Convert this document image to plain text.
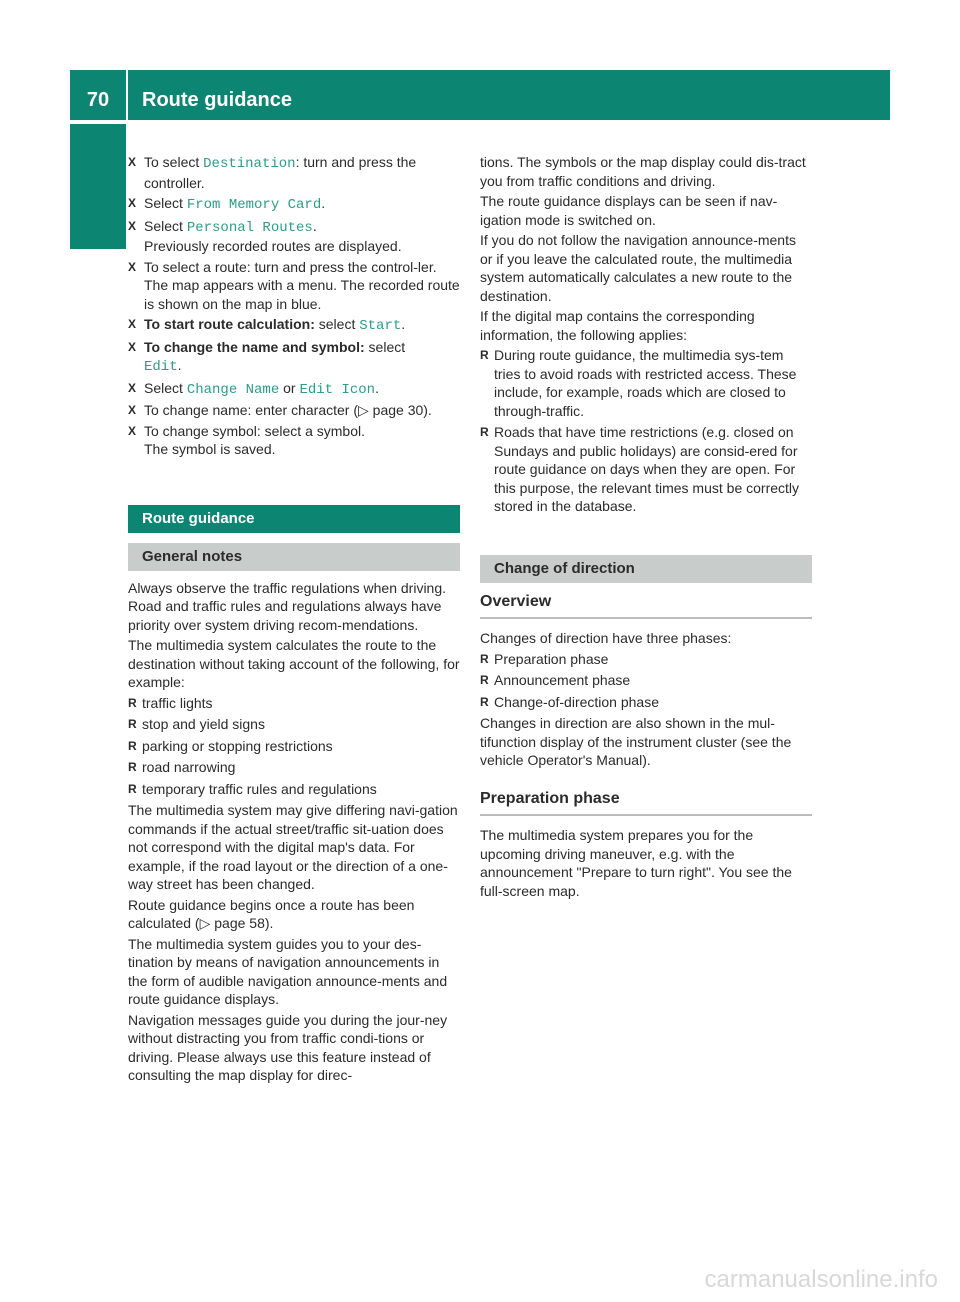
70	Route guidance
Navigation
X To select Destination: turn and press the controller.
X Select From Memory Card.
X Select Personal Routes.
Previously recorded routes are displayed.
X To select a route: turn and press the control-ler.
The map appears with a menu. The recorded route is shown on the map in blue.
X To start route calculation: select Start.
X To change the name and symbol: select
Edit.
X Select Change Name or Edit Icon.
X To change name: enter character (▷ page 30).
X To change symbol: select a symbol.
The symbol is saved.
Route guidance
General notes

Always observe the traffic regulations when driving. Road and traffic rules and regulations always have priority over system driving recom-mendations.

The multimedia system calculates the route to the destination without taking account of the following, for example:

R traffic lights
R stop and yield signs
R parking or stopping restrictions
R road narrowing
R temporary traffic rules and regulations

The multimedia system may give differing navi-gation commands if the actual street/traffic sit-uation does not correspond with the digital map's data. For example, if the road layout or the direction of a one-way street has been changed.

Route guidance begins once a route has been calculated (▷ page 58).

The multimedia system guides you to your des-tination by means of navigation announcements in the form of audible navigation announce-ments and route guidance displays.

Navigation messages guide you during the jour-ney without distracting you from traffic condi-tions or driving. Please always use this feature instead of consulting the map display for direc-

tions. The symbols or the map display could dis-tract you from traffic conditions and driving.

The route guidance displays can be seen if nav-igation mode is switched on.

If you do not follow the navigation announce-ments or if you leave the calculated route, the multimedia system automatically calculates a new route to the destination.

If the digital map contains the corresponding information, the following applies:

R During route guidance, the multimedia sys-tem tries to avoid roads with restricted access. These include, for example, roads which are closed to through-traffic.
R Roads that have time restrictions (e.g. closed on Sundays and public holidays) are consid-ered for route guidance on days when they are open. For this purpose, the relevant times must be correctly stored in the database.
Change of direction
Overview

Changes of direction have three phases:

R Preparation phase
R Announcement phase
R Change-of-direction phase

Changes in direction are also shown in the mul-tifunction display of the instrument cluster (see the vehicle Operator's Manual).

Preparation phase

The multimedia system prepares you for the upcoming driving maneuver, e.g. with the announcement "Prepare to turn right". You see the full-screen map.

carmanualsonline.info
